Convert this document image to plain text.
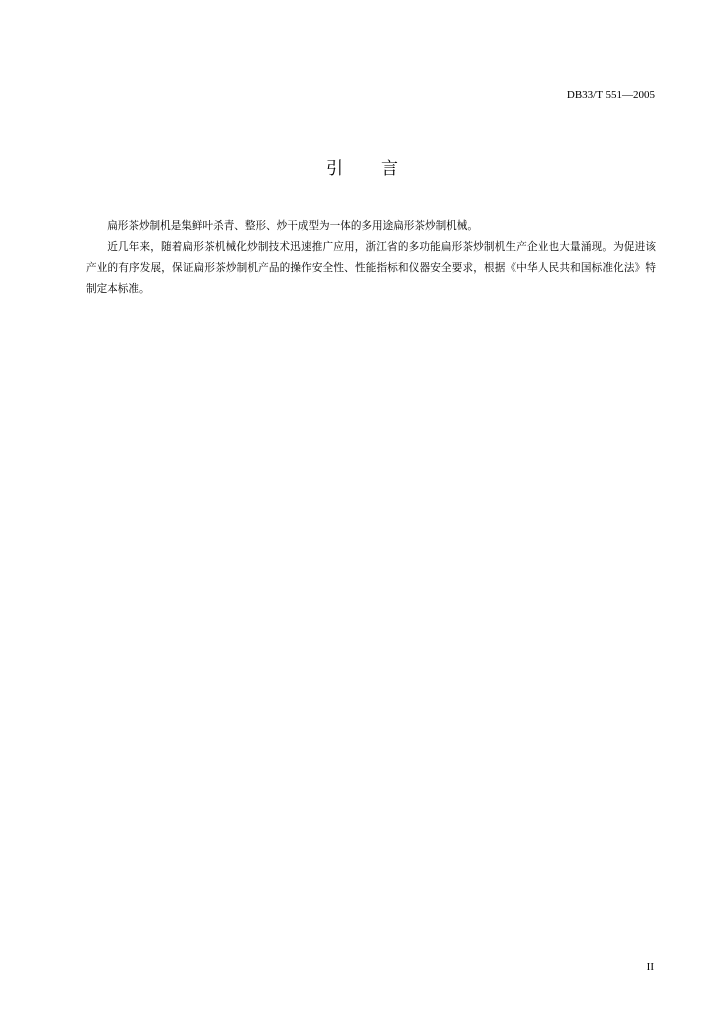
DB33/T 551—2005
引 言

扁形茶炒制机是集鲜叶杀青、整形、炒干成型为一体的多用途扁形茶炒制机械。

近几年来，随着扁形茶机械化炒制技术迅速推广应用，浙江省的多功能扁形茶炒制机生产企业也大量涌现。为促进该产业的有序发展，保证扁形茶炒制机产品的操作安全性、性能指标和仪器安全要求，根据《中华人民共和国标准化法》特制定本标准。

II
